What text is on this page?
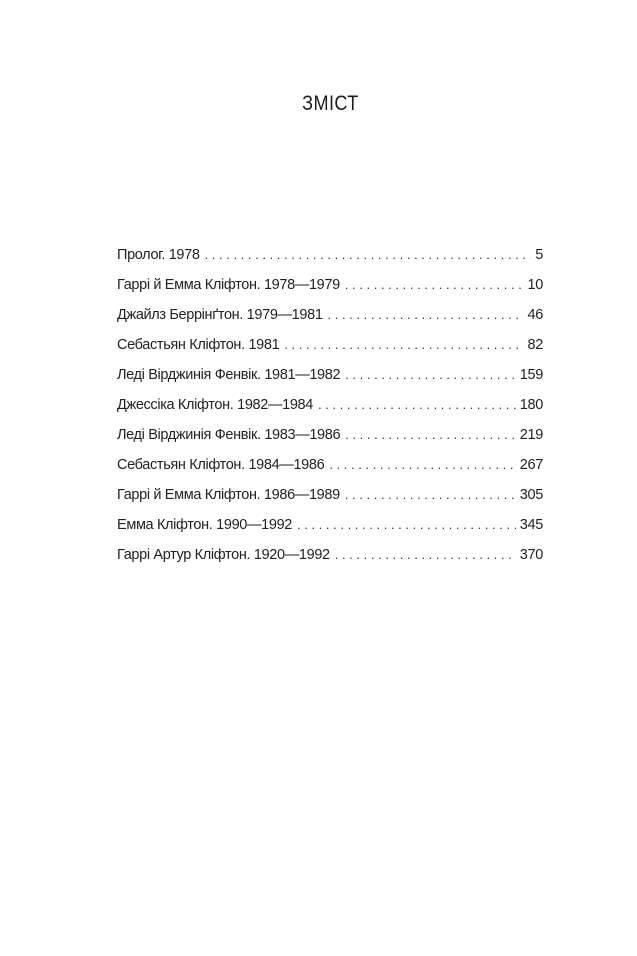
ЗМІСТ
Пролог. 1978 . . .	5
Гаррі й Емма Кліфтон. 1978—1979 . . .	10
Джайлз Беррінґтон. 1979—1981 . . .	46
Себастьян Кліфтон. 1981 . . .	82
Леді Вірджинія Фенвік. 1981—1982 . . .	159
Джессіка Кліфтон. 1982—1984 . . .	180
Леді Вірджинія Фенвік. 1983—1986 . . .	219
Себастьян Кліфтон. 1984—1986 . . .	267
Гаррі й Емма Кліфтон. 1986—1989 . . .	305
Емма Кліфтон. 1990—1992 . . .	345
Гаррі Артур Кліфтон. 1920—1992 . . .	370
